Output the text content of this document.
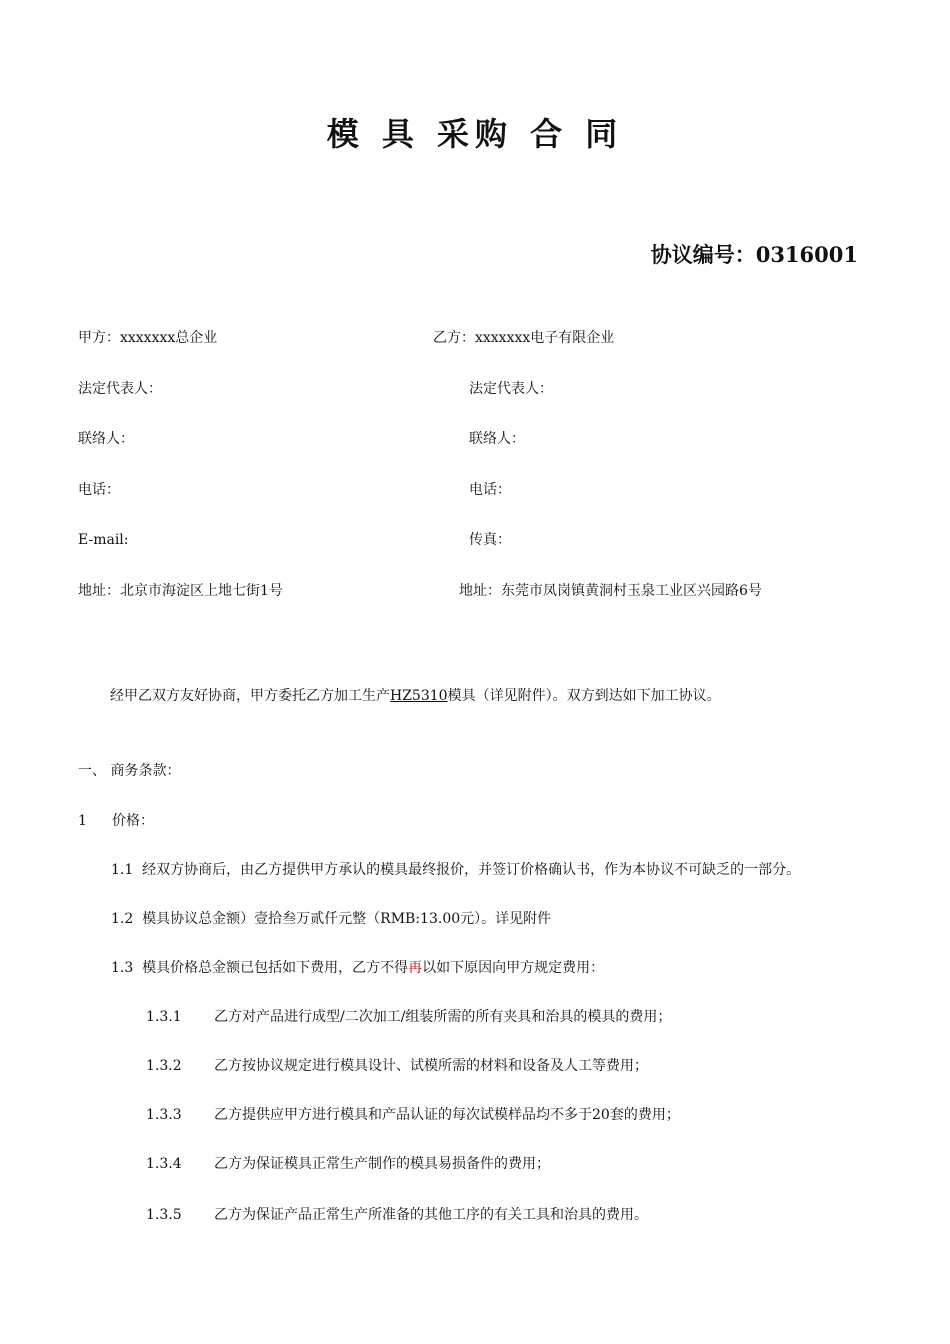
模 具 采购 合 同
协议编号：0316001
甲方：xxxxxxx总企业
法定代表人：
联络人：
电话：
E-mail:
地址：北京市海淀区上地七街1号
乙方：xxxxxxx电子有限企业
法定代表人：
联络人：
电话：
传真：
地址：东莞市凤岗镇黄洞村玉泉工业区兴园路6号
经甲乙双方友好协商，甲方委托乙方加工生产HZ5310模具（详见附件）。双方到达如下加工协议。
一、 商务条款：
1 价格：
1.1 经双方协商后，由乙方提供甲方承认的模具最终报价，并签订价格确认书，作为本协议不可缺乏的一部分。
1.2 模具协议总金额）壹拾叁万贰仟元整（RMB:13.00元）。详见附件
1.3 模具价格总金额已包括如下费用，乙方不得再以如下原因向甲方规定费用：
1.3.1 乙方对产品进行成型/二次加工/组装所需的所有夹具和治具的模具的费用；
1.3.2 乙方按协议规定进行模具设计、试模所需的材料和设备及人工等费用；
1.3.3 乙方提供应甲方进行模具和产品认证的每次试模样品均不多于20套的费用；
1.3.4 乙方为保证模具正常生产制作的模具易损备件的费用；
1.3.5 乙方为保证产品正常生产所准备的其他工序的有关工具和治具的费用。
